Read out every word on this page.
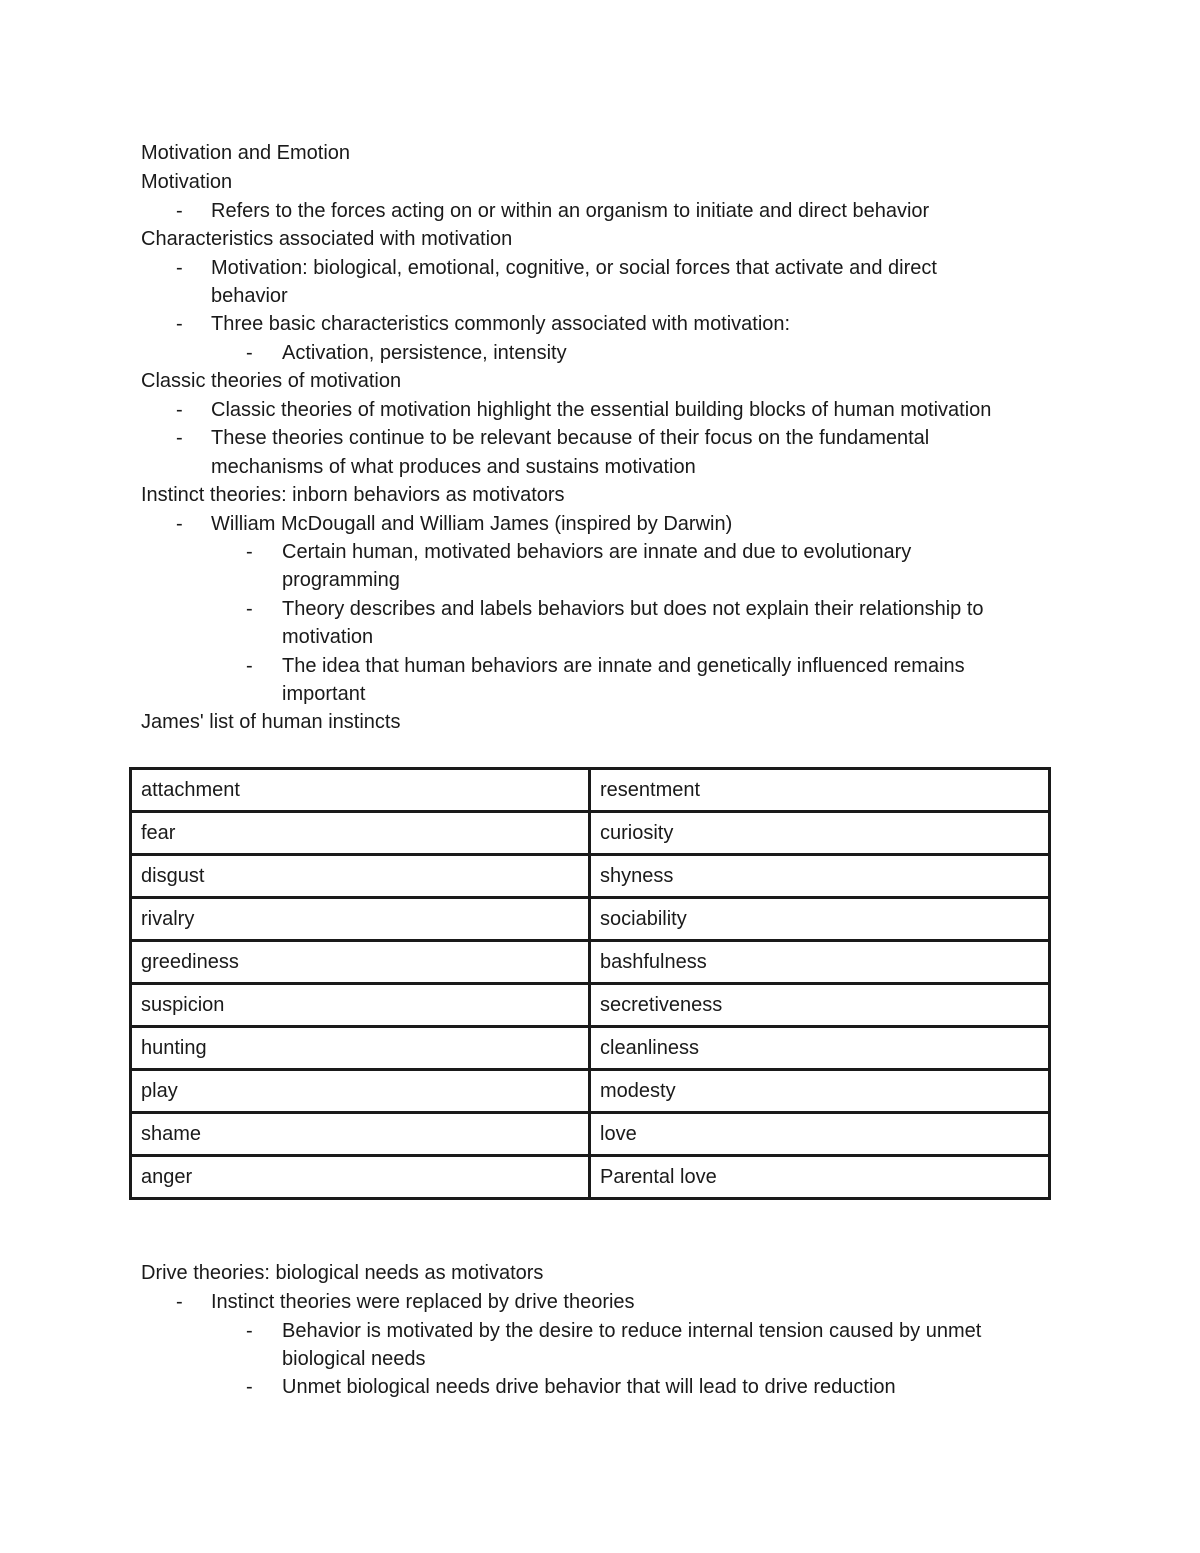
Motivation and Emotion
Motivation
- Refers to the forces acting on or within an organism to initiate and direct behavior
Characteristics associated with motivation
- Motivation: biological, emotional, cognitive, or social forces that activate and direct
behavior
- Three basic characteristics commonly associated with motivation:
- Activation, persistence, intensity
Classic theories of motivation
- Classic theories of motivation highlight the essential building blocks of human motivation
- These theories continue to be relevant because of their focus on the fundamental
mechanisms of what produces and sustains motivation
Instinct theories: inborn behaviors as motivators
- William McDougall and William James (inspired by Darwin)
- Certain human, motivated behaviors are innate and due to evolutionary
programming
- Theory describes and labels behaviors but does not explain their relationship to
motivation
- The idea that human behaviors are innate and genetically influenced remains
important
James' list of human instincts
attachment	resentment
fear	curiosity
disgust	shyness
rivalry	sociability
greediness	bashfulness
suspicion	secretiveness
hunting	cleanliness
play	modesty
shame	love
anger	Parental love
Drive theories: biological needs as motivators
- Instinct theories were replaced by drive theories
- Behavior is motivated by the desire to reduce internal tension caused by unmet
biological needs
- Unmet biological needs drive behavior that will lead to drive reduction
